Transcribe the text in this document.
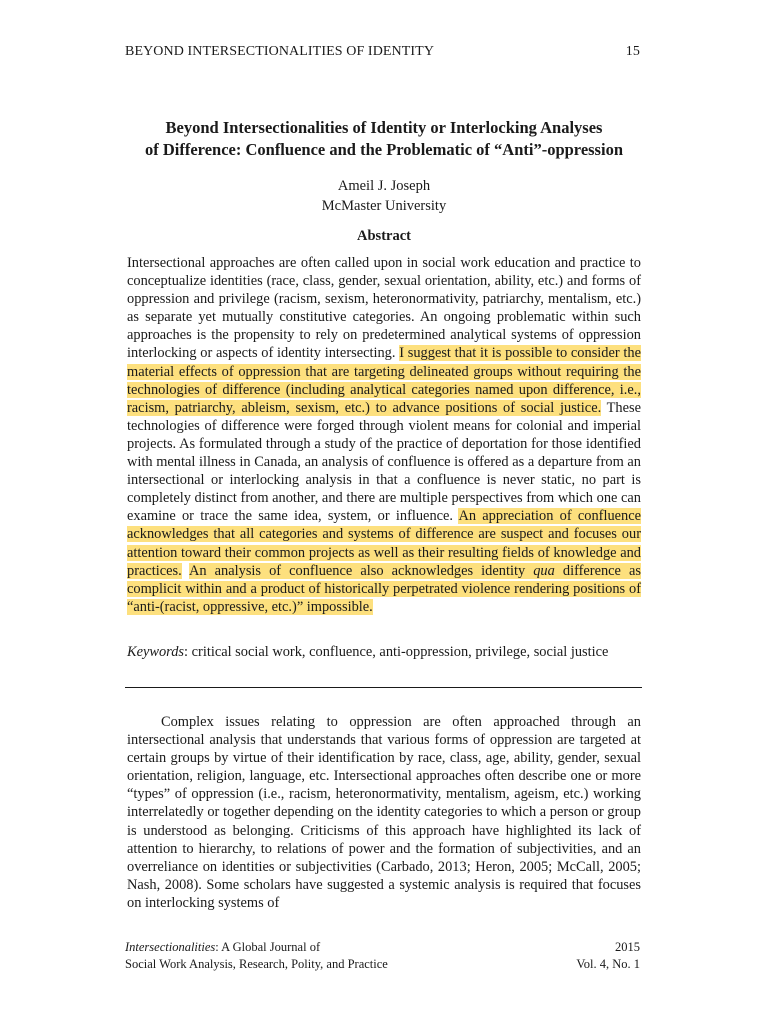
BEYOND INTERSECTIONALITIES OF IDENTITY	15
Beyond Intersectionalities of Identity or Interlocking Analyses
of Difference: Confluence and the Problematic of “Anti”-oppression
Ameil J. Joseph
McMaster University
Abstract
Intersectional approaches are often called upon in social work education and practice to conceptualize identities (race, class, gender, sexual orientation, ability, etc.) and forms of oppression and privilege (racism, sexism, heteronormativity, patriarchy, mentalism, etc.) as separate yet mutually constitutive categories. An ongoing problematic within such approaches is the propensity to rely on predetermined analytical systems of oppression interlocking or aspects of identity intersecting. I suggest that it is possible to consider the material effects of oppression that are targeting delineated groups without requiring the technologies of difference (including analytical categories named upon difference, i.e., racism, patriarchy, ableism, sexism, etc.) to advance positions of social justice. These technologies of difference were forged through violent means for colonial and imperial projects. As formulated through a study of the practice of deportation for those identified with mental illness in Canada, an analysis of confluence is offered as a departure from an intersectional or interlocking analysis in that a confluence is never static, no part is completely distinct from another, and there are multiple perspectives from which one can examine or trace the same idea, system, or influence. An appreciation of confluence acknowledges that all categories and systems of difference are suspect and focuses our attention toward their common projects as well as their resulting fields of knowledge and practices. An analysis of confluence also acknowledges identity qua difference as complicit within and a product of historically perpetrated violence rendering positions of “anti-(racist, oppressive, etc.)” impossible.
Keywords: critical social work, confluence, anti-oppression, privilege, social justice

Complex issues relating to oppression are often approached through an intersectional analysis that understands that various forms of oppression are targeted at certain groups by virtue of their identification by race, class, age, ability, gender, sexual orientation, religion, language, etc. Intersectional approaches often describe one or more “types” of oppression (i.e., racism, heteronormativity, mentalism, ageism, etc.) working interrelatedly or together depending on the identity categories to which a person or group is understood as belonging. Criticisms of this approach have highlighted its lack of attention to hierarchy, to relations of power and the formation of subjectivities, and an overreliance on identities or subjectivities (Carbado, 2013; Heron, 2005; McCall, 2005; Nash, 2008). Some scholars have suggested a systemic analysis is required that focuses on interlocking systems of

Intersectionalities: A Global Journal of
Social Work Analysis, Research, Polity, and Practice
2015
Vol. 4, No. 1
